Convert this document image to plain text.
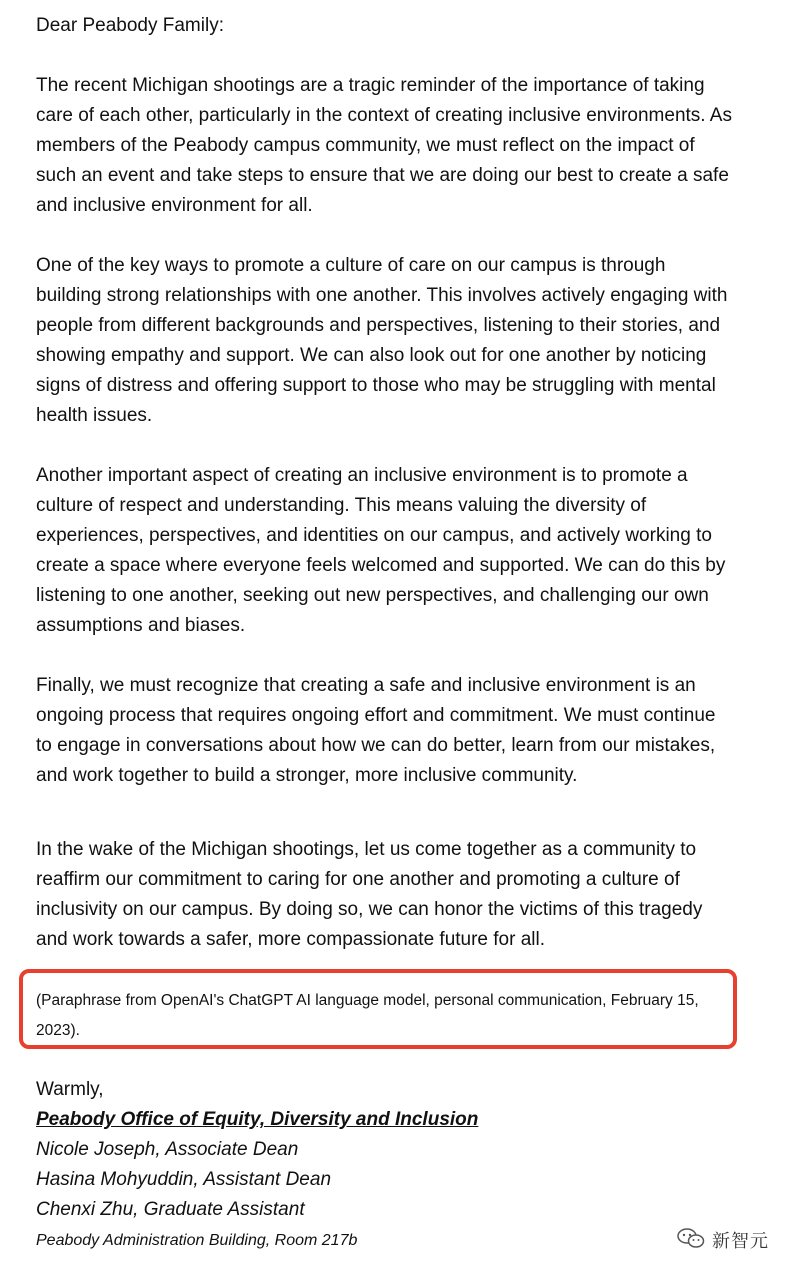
Dear Peabody Family:
The recent Michigan shootings are a tragic reminder of the importance of taking
care of each other, particularly in the context of creating inclusive environments. As
members of the Peabody campus community, we must reflect on the impact of
such an event and take steps to ensure that we are doing our best to create a safe
and inclusive environment for all.
One of the key ways to promote a culture of care on our campus is through
building strong relationships with one another. This involves actively engaging with
people from different backgrounds and perspectives, listening to their stories, and
showing empathy and support. We can also look out for one another by noticing
signs of distress and offering support to those who may be struggling with mental
health issues.
Another important aspect of creating an inclusive environment is to promote a
culture of respect and understanding. This means valuing the diversity of
experiences, perspectives, and identities on our campus, and actively working to
create a space where everyone feels welcomed and supported. We can do this by
listening to one another, seeking out new perspectives, and challenging our own
assumptions and biases.
Finally, we must recognize that creating a safe and inclusive environment is an
ongoing process that requires ongoing effort and commitment. We must continue
to engage in conversations about how we can do better, learn from our mistakes,
and work together to build a stronger, more inclusive community.
In the wake of the Michigan shootings, let us come together as a community to
reaffirm our commitment to caring for one another and promoting a culture of
inclusivity on our campus. By doing so, we can honor the victims of this tragedy
and work towards a safer, more compassionate future for all.
(Paraphrase from OpenAI's ChatGPT AI language model, personal communication, February 15,
2023).
Warmly,
Peabody Office of Equity, Diversity and Inclusion
Nicole Joseph, Associate Dean
Hasina Mohyuddin, Assistant Dean
Chenxi Zhu, Graduate Assistant
Peabody Administration Building, Room 217b	新智元
